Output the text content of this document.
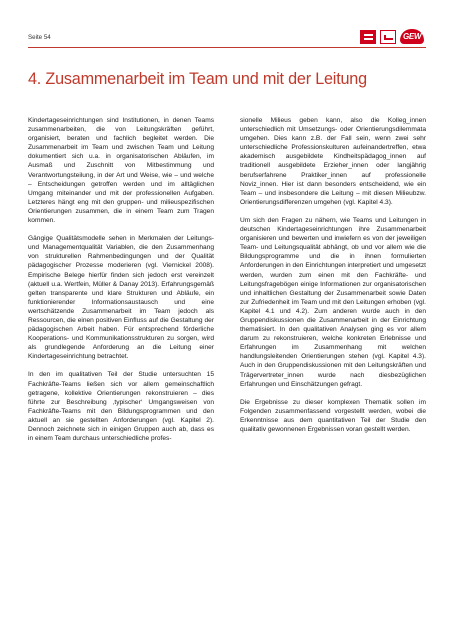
Seite 54	GEW
4. Zusammenarbeit im Team und mit der Leitung

Kindertageseinrichtungen sind Institutionen, in denen Teams zusammenarbeiten, die von Leitungskräften geführt, organisiert, beraten und fachlich begleitet werden. Die Zusammenarbeit im Team und zwischen Team und Leitung dokumentiert sich u.a. in organisatorischen Abläufen, im Ausmaß und Zuschnitt von Mitbestimmung und Verantwortungsteilung, in der Art und Weise, wie – und welche – Entscheidungen getroffen werden und im alltäglichen Umgang miteinander und mit der professionellen Aufgaben. Letzteres hängt eng mit den gruppen- und milieuspezifischen Orientierungen zusammen, die in einem Team zum Tragen kommen.

Gängige Qualitätsmodelle sehen in Merkmalen der Leitungs- und Managementqualität Variablen, die den Zusammenhang von strukturellen Rahmenbedingungen und der Qualität pädagogischer Prozesse moderieren (vgl. Viernickel 2008). Empirische Belege hierfür finden sich jedoch erst vereinzelt (aktuell u.a. Wertfein, Müller & Danay 2013). Erfahrungsgemäß gelten transparente und klare Strukturen und Abläufe, ein funktionierender Informationsaustausch und eine wertschätzende Zusammenarbeit im Team jedoch als Ressourcen, die einen positiven Einfluss auf die Gestaltung der pädagogischen Arbeit haben. Für entsprechend förderliche Kooperations- und Kommunikationsstrukturen zu sorgen, wird als grundlegende Anforderung an die Leitung einer Kindertageseinrichtung betrachtet.

In den im qualitativen Teil der Studie untersuchten 15 Fachkräfte-Teams ließen sich vor allem gemeinschaftlich getragene, kollektive Orientierungen rekonstruieren – dies führte zur Beschreibung ‚typischer‘ Umgangsweisen von Fachkräfte-Teams mit den Bildungsprogrammen und den aktuell an sie gestellten Anforderungen (vgl. Kapitel 2). Dennoch zeichnete sich in einigen Gruppen auch ab, dass es in einem Team durchaus unterschiedliche profes-

sionelle Milieus geben kann, also die Kolleg_innen unterschiedlich mit Umsetzungs- oder Orientierungsdilemmata umgehen. Dies kann z.B. der Fall sein, wenn zwei sehr unterschiedliche Professionskulturen aufeinandertreffen, etwa akademisch ausgebildete Kindheitspädagog_innen auf traditionell ausgebildete Erzieher_innen oder langjährig berufserfahrene Praktiker_innen auf professionelle Noviz_innen. Hier ist dann besonders entscheidend, wie ein Team – und insbesondere die Leitung – mit diesen Milieubzw. Orientierungsdifferenzen umgehen (vgl. Kapitel 4.3).

Um sich den Fragen zu nähern, wie Teams und Leitungen in deutschen Kindertageseinrichtungen ihre Zusammenarbeit organisieren und bewerten und inwiefern es von der jeweiligen Team- und Leitungsqualität abhängt, ob und vor allem wie die Bildungsprogramme und die in ihnen formulierten Anforderungen in den Einrichtungen interpretiert und umgesetzt werden, wurden zum einen mit den Fachkräfte- und Leitungsfragebögen einige Informationen zur organisatorischen und inhaltlichen Gestaltung der Zusammenarbeit sowie Daten zur Zufriedenheit im Team und mit den Leitungen erhoben (vgl. Kapitel 4.1 und 4.2). Zum anderen wurde auch in den Gruppendiskussionen die Zusammenarbeit in der Einrichtung thematisiert. In den qualitativen Analysen ging es vor allem darum zu rekonstruieren, welche konkreten Erlebnisse und Erfahrungen im Zusammenhang mit welchen handlungsleitenden Orientierungen stehen (vgl. Kapitel 4.3). Auch in den Gruppendiskussionen mit den Leitungskräften und Trägervertreter_innen wurde nach diesbezüglichen Erfahrungen und Einschätzungen gefragt.

Die Ergebnisse zu dieser komplexen Thematik sollen im Folgenden zusammenfassend vorgestellt werden, wobei die Erkenntnisse aus dem quantitativen Teil der Studie den qualitativ gewonnenen Ergebnissen voran gestellt werden.
